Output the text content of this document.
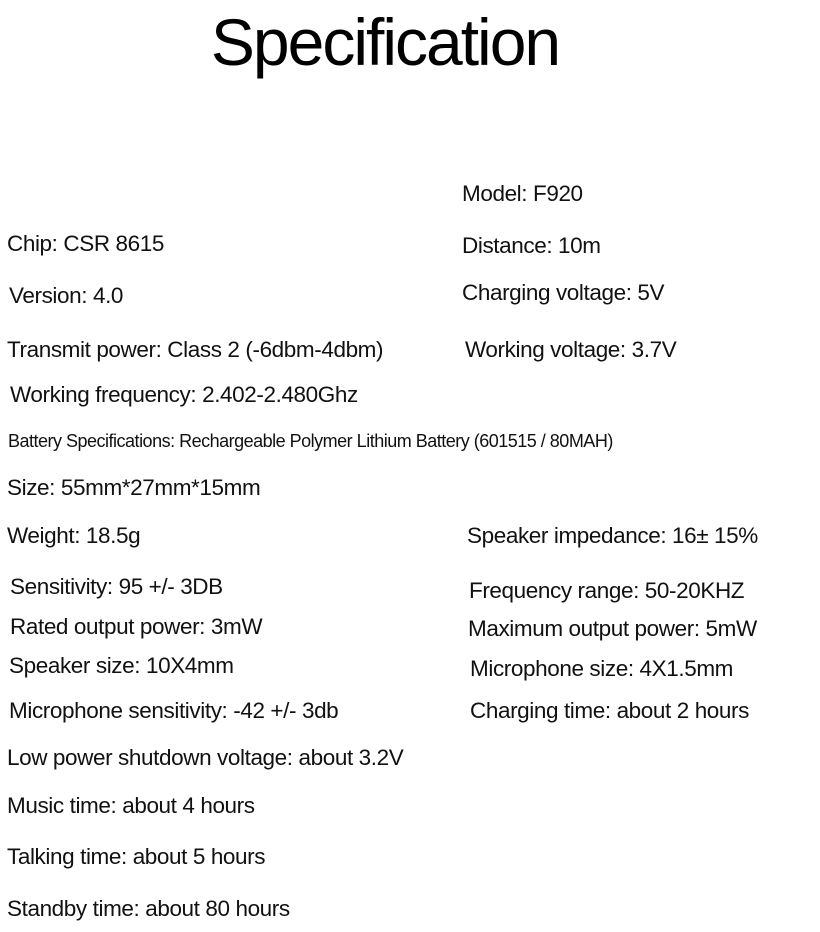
Specification
Model: F920
Chip: CSR 8615	Distance: 10m
Version: 4.0	Charging voltage: 5V
Transmit power: Class 2 (-6dbm-4dbm)	Working voltage: 3.7V
Working frequency: 2.402-2.480Ghz
Battery Specifications: Rechargeable Polymer Lithium Battery (601515 / 80MAH)
Size: 55mm*27mm*15mm
Weight: 18.5g	Speaker impedance: 16± 15%
Sensitivity: 95 +/- 3DB	Frequency range: 50-20KHZ
Rated output power: 3mW	Maximum output power: 5mW
Speaker size: 10X4mm	Microphone size: 4X1.5mm
Microphone sensitivity: -42 +/- 3db	Charging time: about 2 hours
Low power shutdown voltage: about 3.2V
Music time: about 4 hours
Talking time: about 5 hours
Standby time: about 80 hours
